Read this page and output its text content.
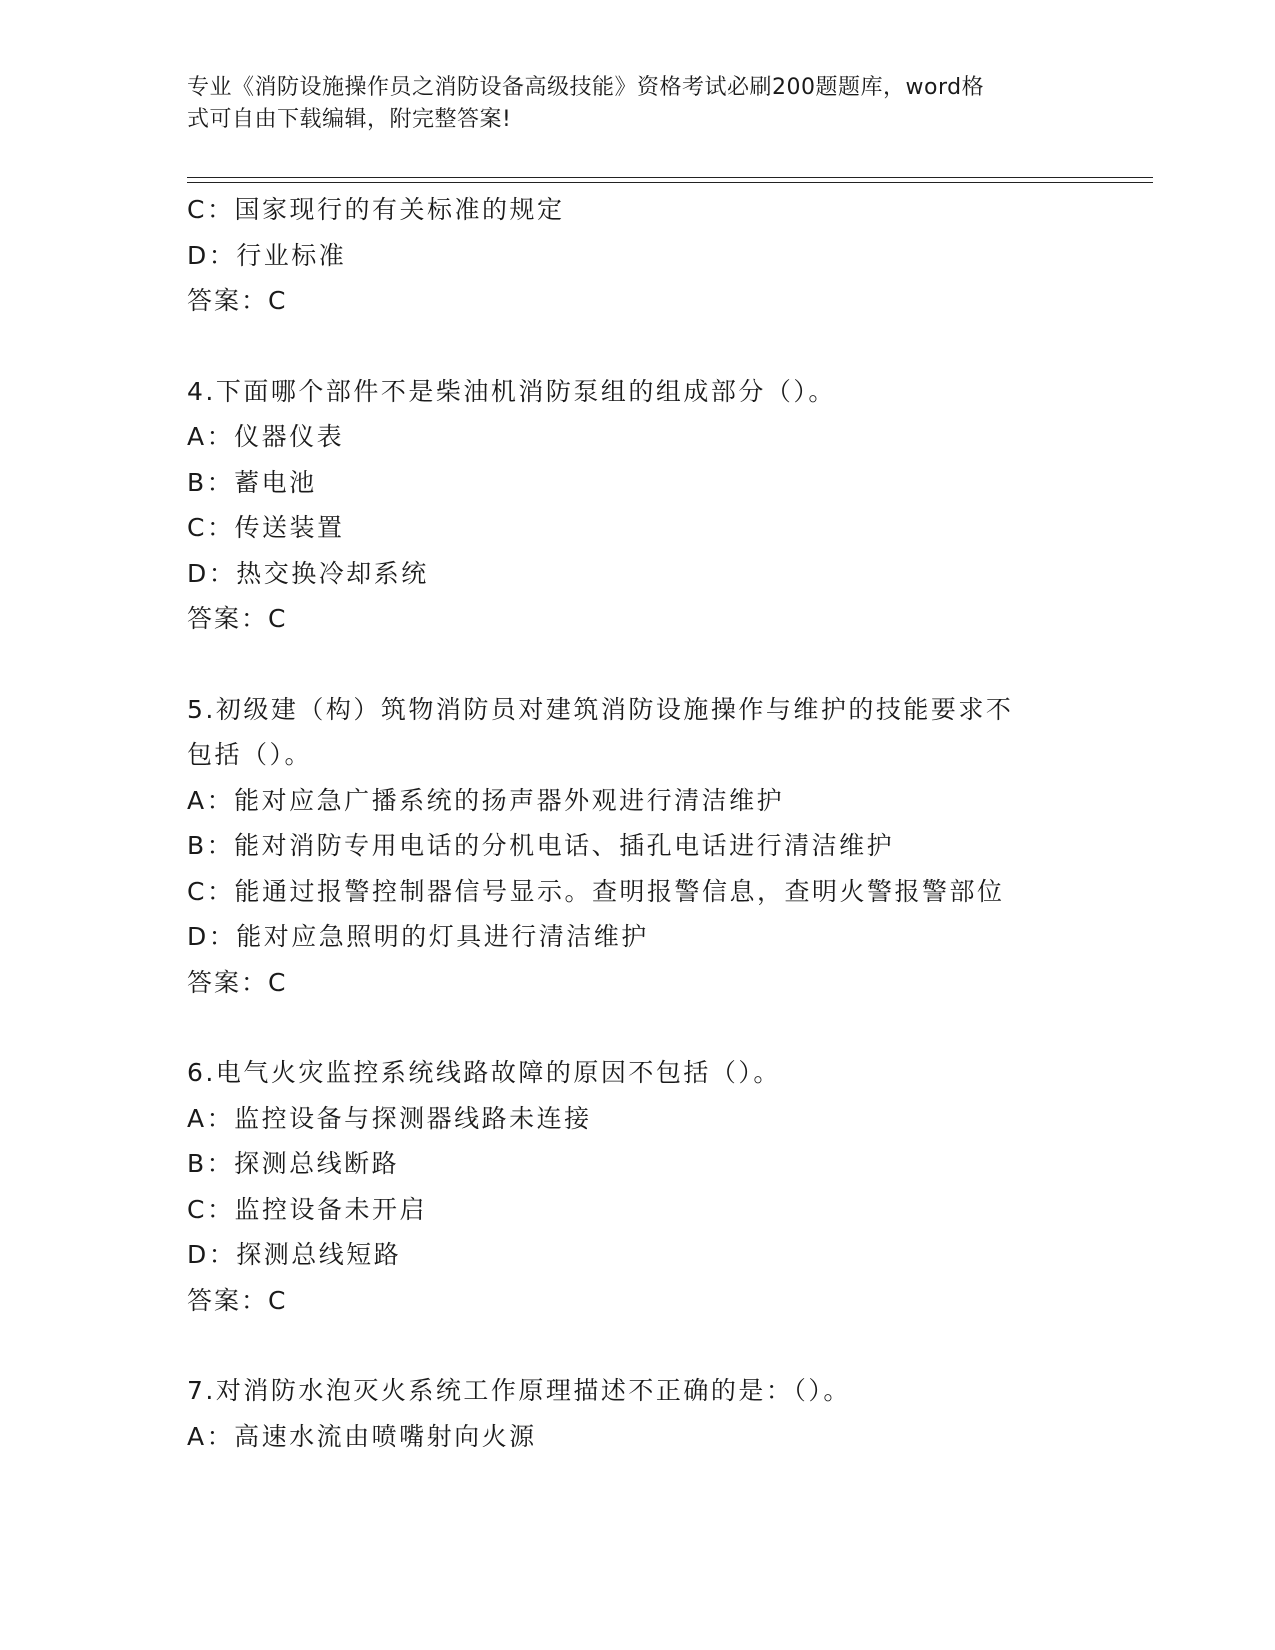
专业《消防设施操作员之消防设备高级技能》资格考试必刷200题题库，word格
式可自由下载编辑，附完整答案!
C：国家现行的有关标准的规定
D：行业标准
答案：C
4.下面哪个部件不是柴油机消防泵组的组成部分（）。
A：仪器仪表
B：蓄电池
C：传送装置
D：热交换冷却系统
答案：C
5.初级建（构）筑物消防员对建筑消防设施操作与维护的技能要求不
包括（）。
A：能对应急广播系统的扬声器外观进行清洁维护
B：能对消防专用电话的分机电话、插孔电话进行清洁维护
C：能通过报警控制器信号显示。查明报警信息，查明火警报警部位
D：能对应急照明的灯具进行清洁维护
答案：C
6.电气火灾监控系统线路故障的原因不包括（）。
A：监控设备与探测器线路未连接
B：探测总线断路
C：监控设备未开启
D：探测总线短路
答案：C
7.对消防水泡灭火系统工作原理描述不正确的是：（）。
A：高速水流由喷嘴射向火源
